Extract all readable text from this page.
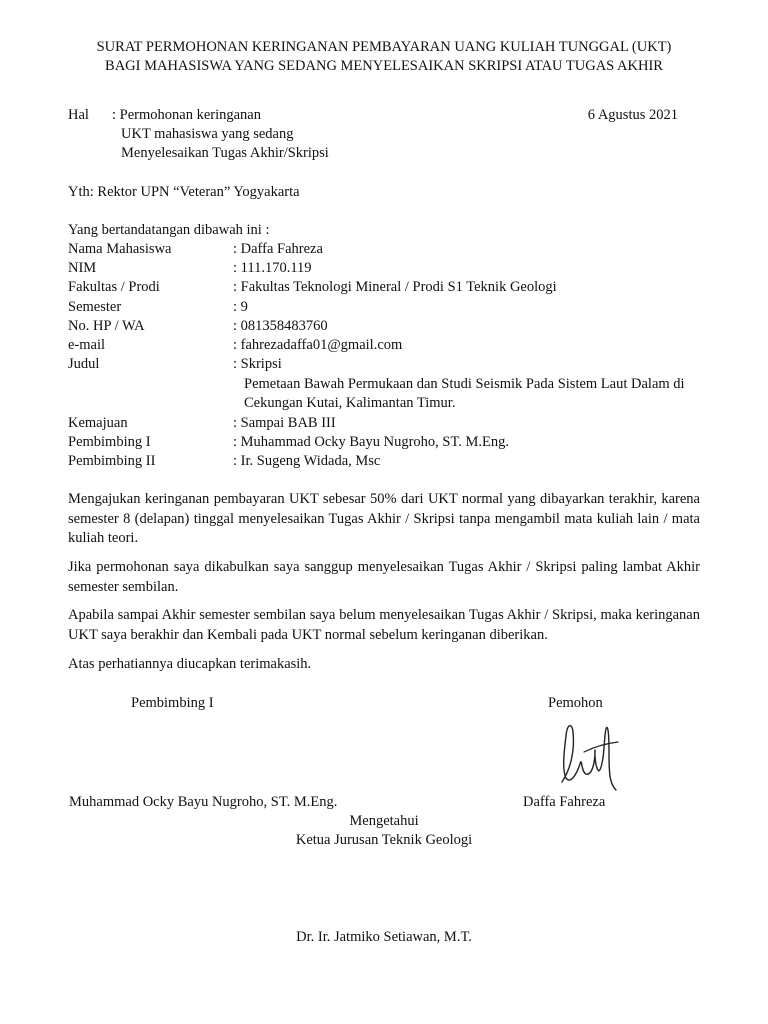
SURAT PERMOHONAN KERINGANAN PEMBAYARAN UANG KULIAH TUNGGAL (UKT)
BAGI MAHASISWA YANG SEDANG MENYELESAIKAN SKRIPSI ATAU TUGAS AKHIR
Hal : Permohonan keringanan
UKT mahasiswa yang sedang
Menyelesaikan Tugas Akhir/Skripsi
6 Agustus 2021
Yth: Rektor UPN “Veteran” Yogyakarta
Yang bertandatangan dibawah ini :
Nama Mahasiswa	: Daffa Fahreza
NIM	: 111.170.119
Fakultas / Prodi	: Fakultas Teknologi Mineral / Prodi S1 Teknik Geologi
Semester	: 9
No. HP / WA	: 081358483760
e-mail	: fahrezadaffa01@gmail.com
Judul	: Skripsi
Pemetaan Bawah Permukaan dan Studi Seismik Pada Sistem Laut Dalam di
Cekungan Kutai, Kalimantan Timur.
Kemajuan	: Sampai BAB III
Pembimbing I	: Muhammad Ocky Bayu Nugroho, ST. M.Eng.
Pembimbing II	: Ir. Sugeng Widada, Msc
Mengajukan keringanan pembayaran UKT sebesar 50% dari UKT normal yang dibayarkan terakhir, karena semester 8 (delapan) tinggal menyelesaikan Tugas Akhir / Skripsi tanpa mengambil mata kuliah lain / mata kuliah teori.
Jika permohonan saya dikabulkan saya sanggup menyelesaikan Tugas Akhir / Skripsi paling lambat Akhir semester sembilan.
Apabila sampai Akhir semester sembilan saya belum menyelesaikan Tugas Akhir / Skripsi, maka keringanan UKT saya berakhir dan Kembali pada UKT normal sebelum keringanan diberikan.
Atas perhatiannya diucapkan terimakasih.
Pembimbing I	Pemohon
Muhammad Ocky Bayu Nugroho, ST. M.Eng.	Daffa Fahreza
Mengetahui
Ketua Jurusan Teknik Geologi
Dr. Ir. Jatmiko Setiawan, M.T.
